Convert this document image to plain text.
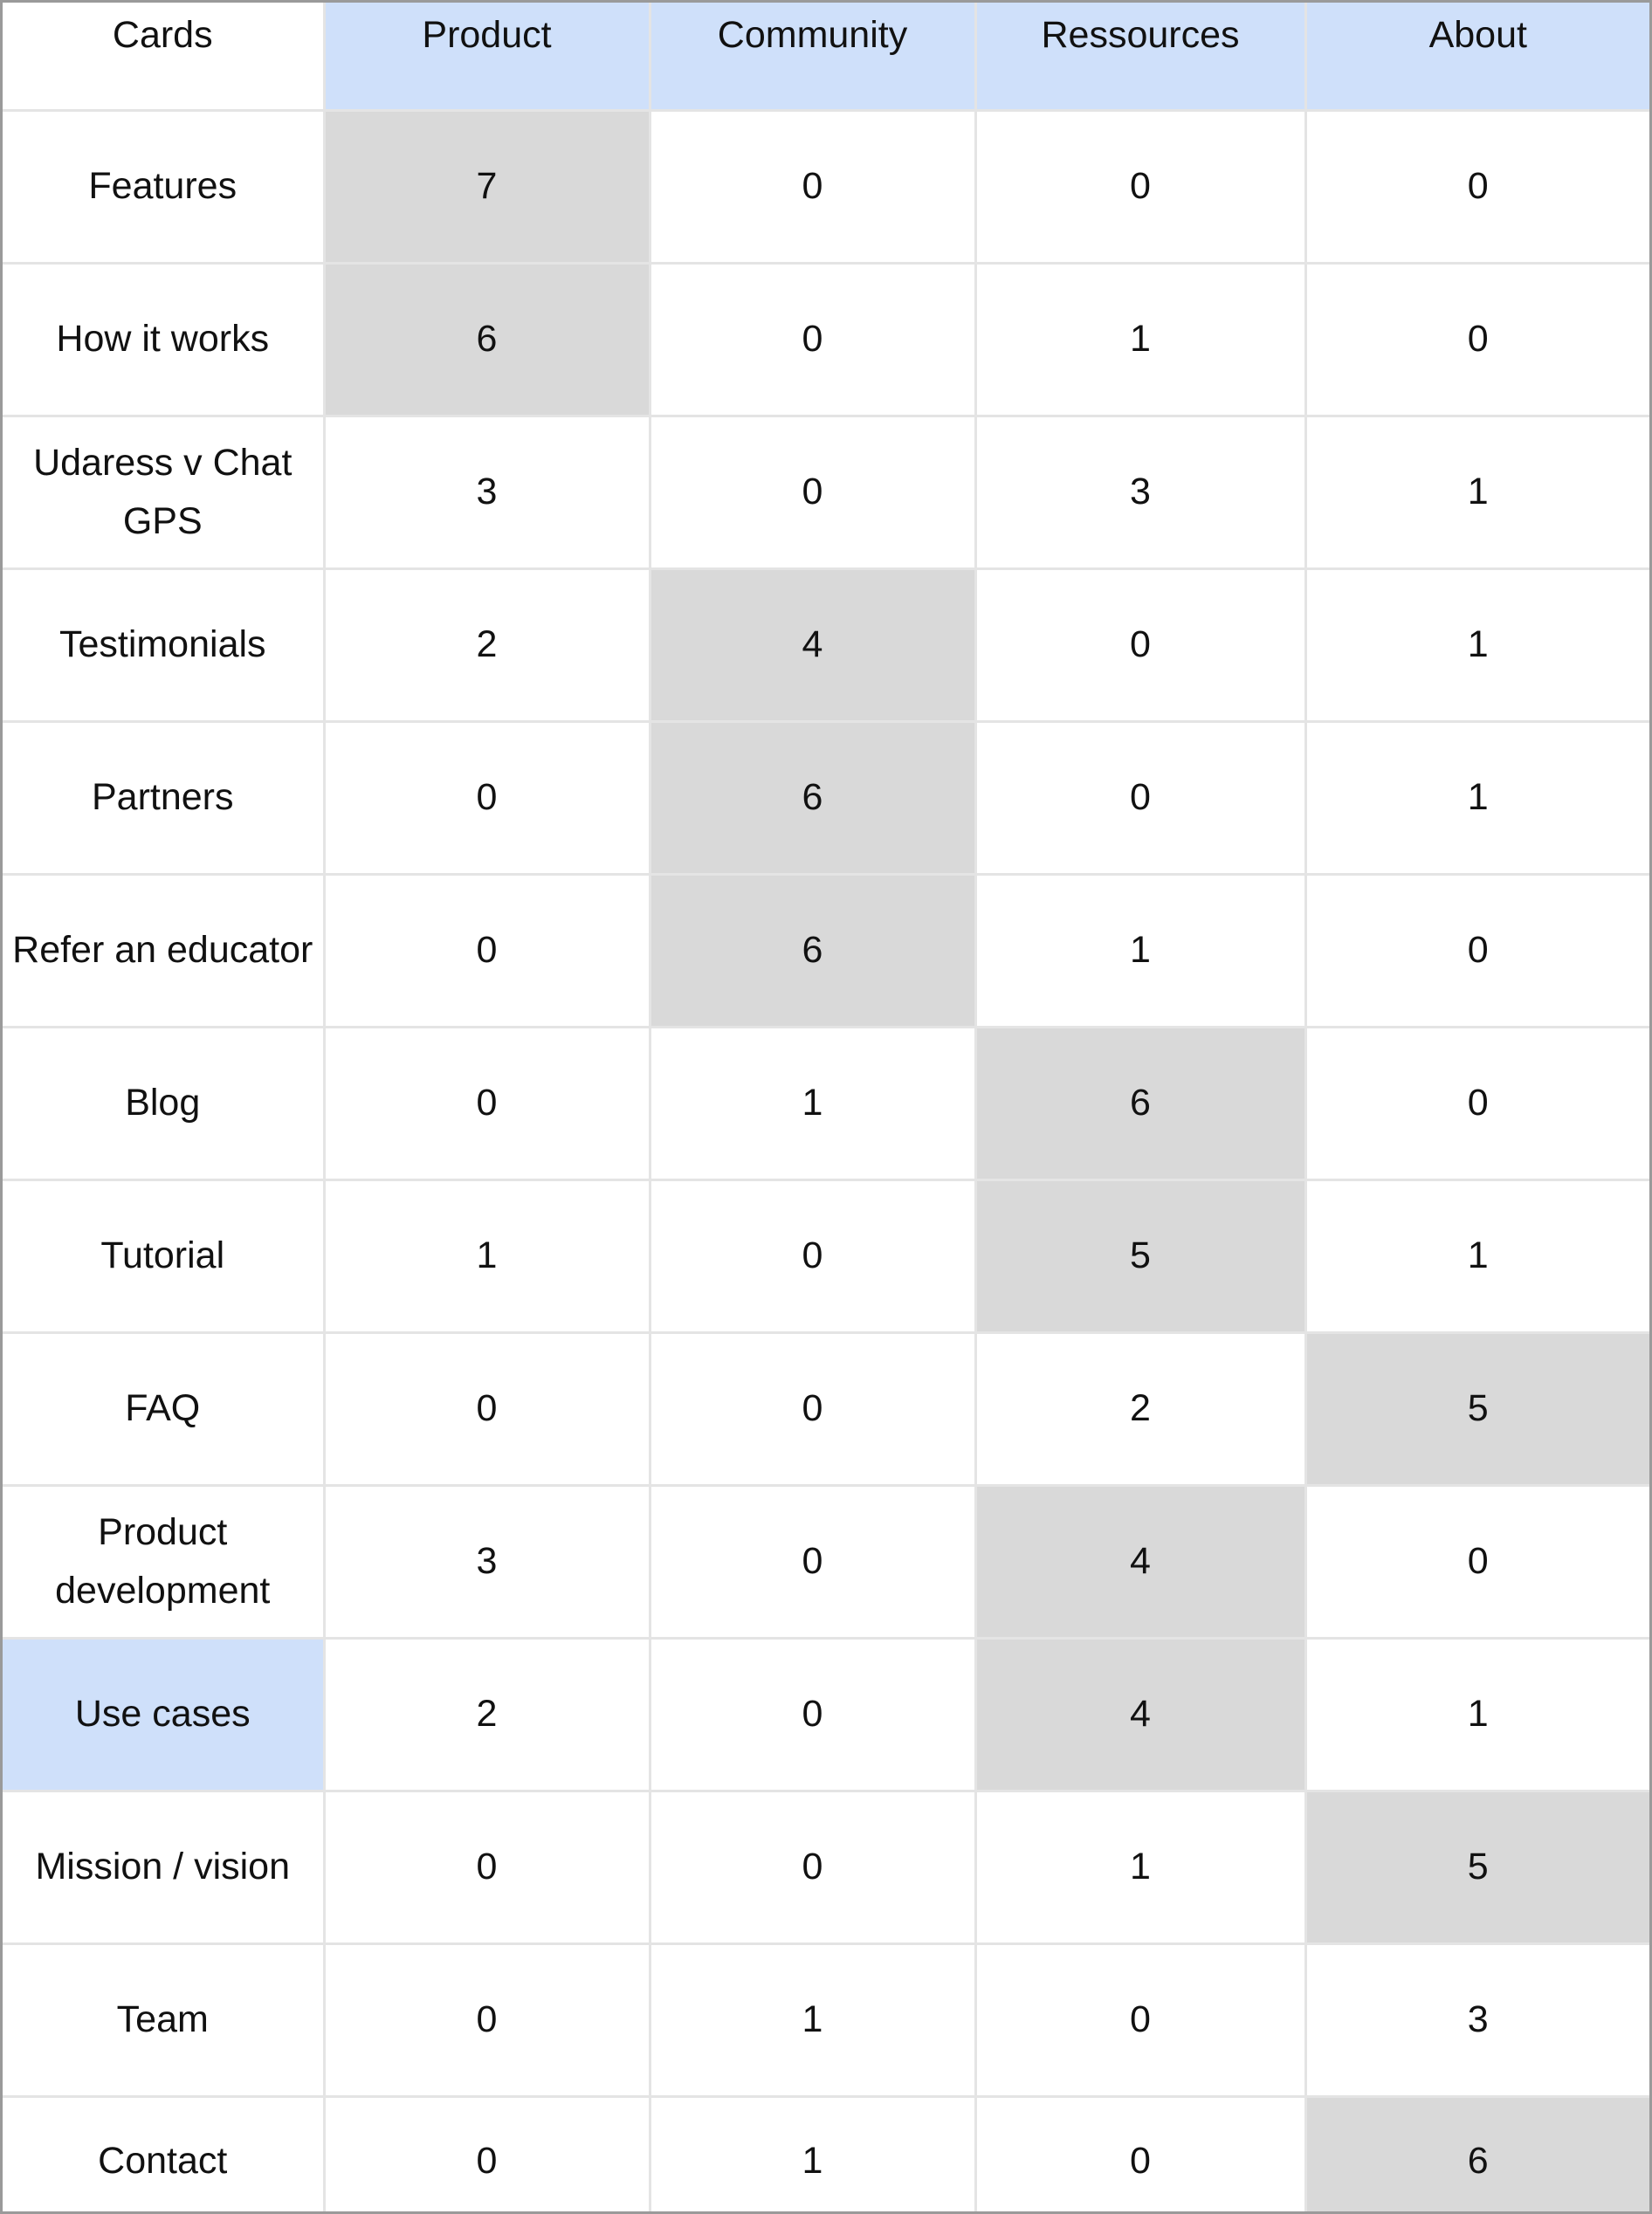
Cards	Product	Community	Ressources	About
Features	7	0	0	0
How it works	6	0	1	0
Udaress v Chat GPS	3	0	3	1
Testimonials	2	4	0	1
Partners	0	6	0	1
Refer an educator	0	6	1	0
Blog	0	1	6	0
Tutorial	1	0	5	1
FAQ	0	0	2	5
Product development	3	0	4	0
Use cases	2	0	4	1
Mission / vision	0	0	1	5
Team	0	1	0	3
Contact	0	1	0	6
